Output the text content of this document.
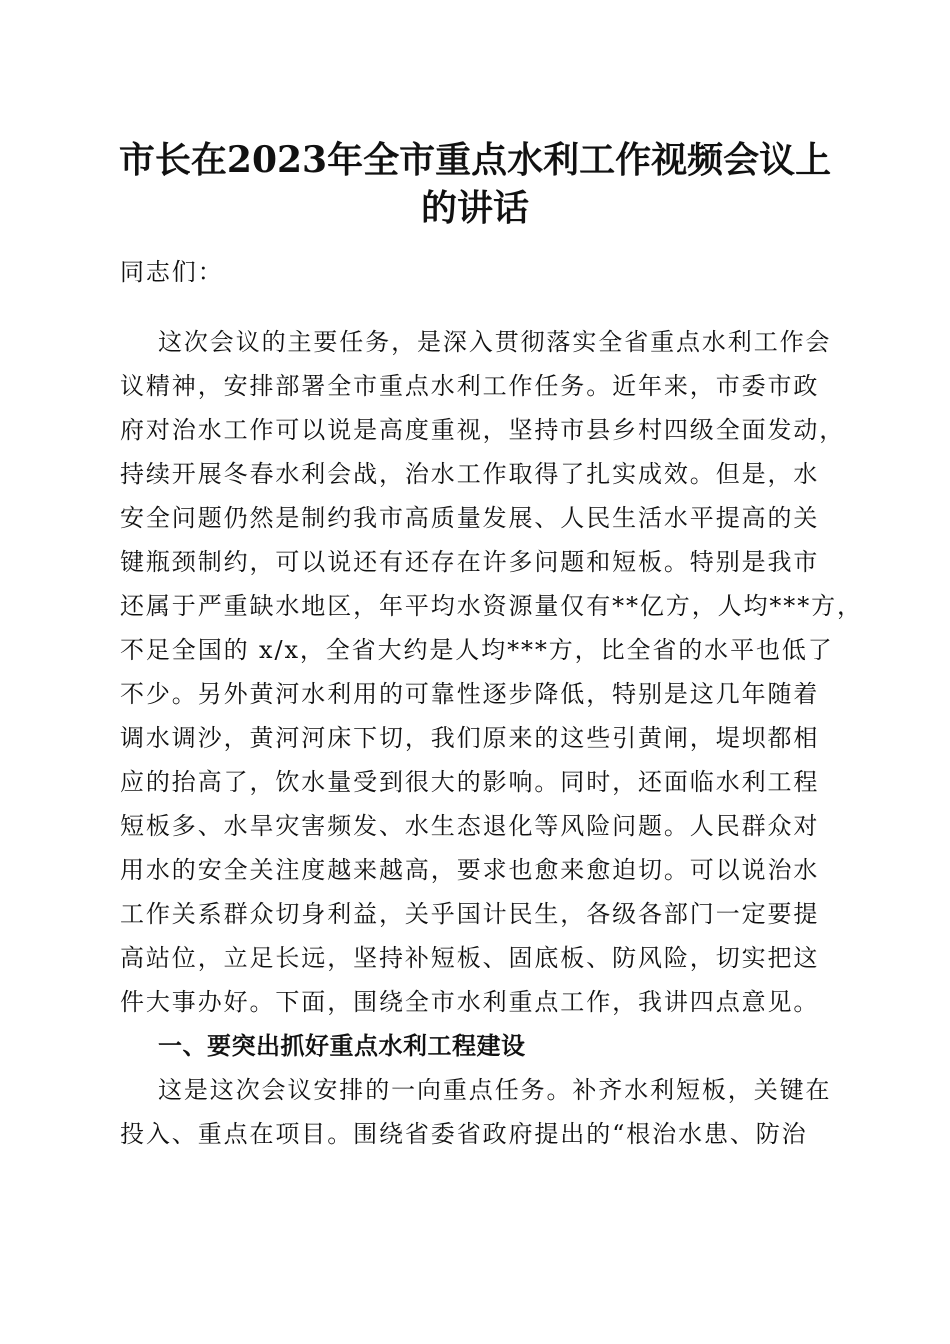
市长在2023年全市重点水利工作视频会议上
的讲话
同志们：
这次会议的主要任务，是深入贯彻落实全省重点水利工作会
议精神，安排部署全市重点水利工作任务。近年来，市委市政
府对治水工作可以说是高度重视，坚持市县乡村四级全面发动，
持续开展冬春水利会战，治水工作取得了扎实成效。但是，水
安全问题仍然是制约我市高质量发展、人民生活水平提高的关
键瓶颈制约，可以说还有还存在许多问题和短板。特别是我市
还属于严重缺水地区，年平均水资源量仅有**亿方，人均***方，
不足全国的 x/x，全省大约是人均***方，比全省的水平也低了
不少。另外黄河水利用的可靠性逐步降低，特别是这几年随着
调水调沙，黄河河床下切，我们原来的这些引黄闸，堤坝都相
应的抬高了，饮水量受到很大的影响。同时，还面临水利工程
短板多、水旱灾害频发、水生态退化等风险问题。人民群众对
用水的安全关注度越来越高，要求也愈来愈迫切。可以说治水
工作关系群众切身利益，关乎国计民生，各级各部门一定要提
高站位，立足长远，坚持补短板、固底板、防风险，切实把这
件大事办好。下面，围绕全市水利重点工作，我讲四点意见。
一、要突出抓好重点水利工程建设
这是这次会议安排的一向重点任务。补齐水利短板，关键在
投入、重点在项目。围绕省委省政府提出的“根治水患、防治
